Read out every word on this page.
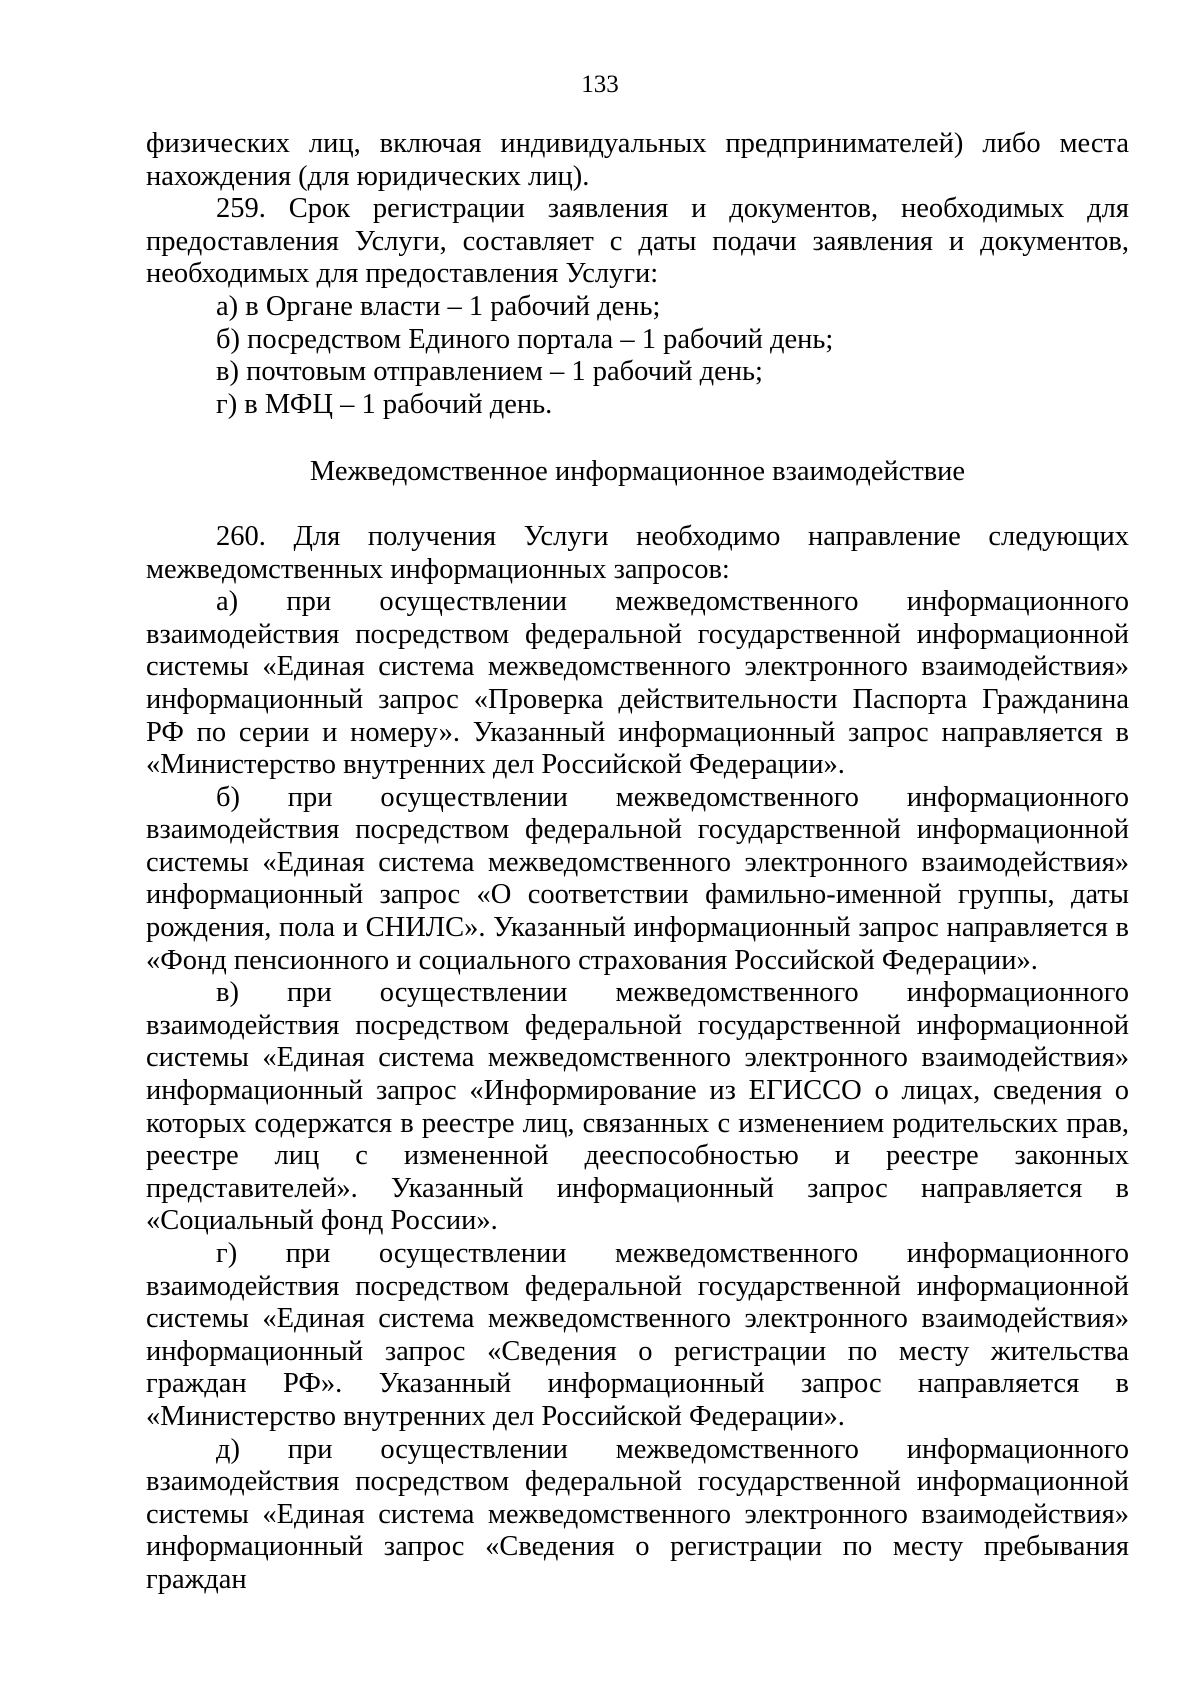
133
физических лиц, включая индивидуальных предпринимателей) либо места нахождения (для юридических лиц).
259. Срок регистрации заявления и документов, необходимых для предоставления Услуги, составляет с даты подачи заявления и документов, необходимых для предоставления Услуги:
а) в Органе власти – 1 рабочий день;
б) посредством Единого портала – 1 рабочий день;
в) почтовым отправлением – 1 рабочий день;
г) в МФЦ – 1 рабочий день.
Межведомственное информационное взаимодействие
260. Для получения Услуги необходимо направление следующих межведомственных информационных запросов:
а) при осуществлении межведомственного информационного взаимодействия посредством федеральной государственной информационной системы «Единая система межведомственного электронного взаимодействия» информационный запрос «Проверка действительности Паспорта Гражданина РФ по серии и номеру». Указанный информационный запрос направляется в «Министерство внутренних дел Российской Федерации».
б) при осуществлении межведомственного информационного взаимодействия посредством федеральной государственной информационной системы «Единая система межведомственного электронного взаимодействия» информационный запрос «О соответствии фамильно-именной группы, даты рождения, пола и СНИЛС». Указанный информационный запрос направляется в «Фонд пенсионного и социального страхования Российской Федерации».
в) при осуществлении межведомственного информационного взаимодействия посредством федеральной государственной информационной системы «Единая система межведомственного электронного взаимодействия» информационный запрос «Информирование из ЕГИССО о лицах, сведения о которых содержатся в реестре лиц, связанных с изменением родительских прав, реестре лиц с измененной дееспособностью и реестре законных представителей». Указанный информационный запрос направляется в «Социальный фонд России».
г) при осуществлении межведомственного информационного взаимодействия посредством федеральной государственной информационной системы «Единая система межведомственного электронного взаимодействия» информационный запрос «Сведения о регистрации по месту жительства граждан РФ». Указанный информационный запрос направляется в «Министерство внутренних дел Российской Федерации».
д) при осуществлении межведомственного информационного взаимодействия посредством федеральной государственной информационной системы «Единая система межведомственного электронного взаимодействия» информационный запрос «Сведения о регистрации по месту пребывания граждан
